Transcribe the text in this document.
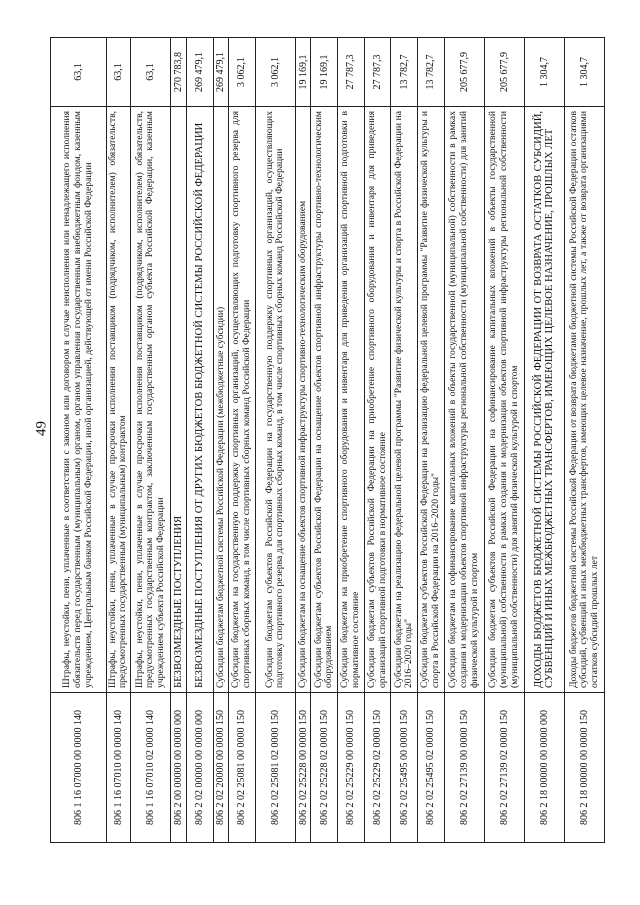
49
806 1 16 07000 00 0000 140	Штрафы, неустойки, пени, уплаченные в соответствии с законом или договором в случае неисполнения или ненадлежащего исполнения обязательств перед государственным (муниципальным) органом, органом управления государственным внебюджетным фондом, казенным учреждением, Центральным банком Российской Федерации, иной организацией, действующей от имени Российской Федерации	63,1
806 1 16 07010 00 0000 140	Штрафы, неустойки, пени, уплаченные в случае просрочки исполнения поставщиком (подрядчиком, исполнителем) обязательств, предусмотренных государственным (муниципальным) контрактом	63,1
806 1 16 07010 02 0000 140	Штрафы, неустойки, пени, уплаченные в случае просрочки исполнения поставщиком (подрядчиком, исполнителем) обязательств, предусмотренных государственным контрактом, заключенным государственным органом субъекта Российской Федерации, казенным учреждением субъекта Российской Федерации	63,1
806 2 00 00000 00 0000 000	БЕЗВОЗМЕЗДНЫЕ ПОСТУПЛЕНИЯ	270 783,8
806 2 02 00000 00 0000 000	БЕЗВОЗМЕЗДНЫЕ ПОСТУПЛЕНИЯ ОТ ДРУГИХ БЮДЖЕТОВ БЮДЖЕТНОЙ СИСТЕМЫ РОССИЙСКОЙ ФЕДЕРАЦИИ	269 479,1
806 2 02 20000 00 0000 150	Субсидии бюджетам бюджетной системы Российской Федерации (межбюджетные субсидии)	269 479,1
806 2 02 25081 00 0000 150	Субсидии бюджетам на государственную поддержку спортивных организаций, осуществляющих подготовку спортивного резерва для спортивных сборных команд, в том числе спортивных сборных команд Российской Федерации	3 062,1
806 2 02 25081 02 0000 150	Субсидии бюджетам субъектов Российской Федерации на государственную поддержку спортивных организаций, осуществляющих подготовку спортивного резерва для спортивных сборных команд, в том числе спортивных сборных команд Российской Федерации	3 062,1
806 2 02 25228 00 0000 150	Субсидии бюджетам на оснащение объектов спортивной инфраструктуры спортивно-технологическим оборудованием	19 169,1
806 2 02 25228 02 0000 150	Субсидии бюджетам субъектов Российской Федерации на оснащение объектов спортивной инфраструктуры спортивно-технологическим оборудованием	19 169,1
806 2 02 25229 00 0000 150	Субсидии бюджетам на приобретение спортивного оборудования и инвентаря для приведения организаций спортивной подготовки в нормативное состояние	27 787,3
806 2 02 25229 02 0000 150	Субсидии бюджетам субъектов Российской Федерации на приобретение спортивного оборудования и инвентаря для приведения организаций спортивной подготовки в нормативное состояние	27 787,3
806 2 02 25495 00 0000 150	Субсидии бюджетам на реализацию федеральной целевой программы "Развитие физической культуры и спорта в Российской Федерации на 2016–2020 годы"	13 782,7
806 2 02 25495 02 0000 150	Субсидии бюджетам субъектов Российской Федерации на реализацию федеральной целевой программы "Развитие физической культуры и спорта в Российской Федерации на 2016–2020 годы"	13 782,7
806 2 02 27139 00 0000 150	Субсидии бюджетам на софинансирование капитальных вложений в объекты государственной (муниципальной) собственности в рамках создания и модернизации объектов спортивной инфраструктуры региональной собственности (муниципальной собственности) для занятий физической культурой и спортом	205 677,9
806 2 02 27139 02 0000 150	Субсидии бюджетам субъектов Российской Федерации на софинансирование капитальных вложений в объекты государственной (муниципальной) собственности в рамках создания и модернизации объектов спортивной инфраструктуры региональной собственности (муниципальной собственности) для занятий физической культурой и спортом	205 677,9
806 2 18 00000 00 0000 000	ДОХОДЫ БЮДЖЕТОВ БЮДЖЕТНОЙ СИСТЕМЫ РОССИЙСКОЙ ФЕДЕРАЦИИ ОТ ВОЗВРАТА ОСТАТКОВ СУБСИДИЙ, СУБВЕНЦИЙ И ИНЫХ МЕЖБЮДЖЕТНЫХ ТРАНСФЕРТОВ, ИМЕЮЩИХ ЦЕЛЕВОЕ НАЗНАЧЕНИЕ, ПРОШЛЫХ ЛЕТ	1 304,7
806 2 18 00000 00 0000 150	Доходы бюджетов бюджетной системы Российской Федерации от возврата бюджетами бюджетной системы Российской Федерации остатков субсидий, субвенций и иных межбюджетных трансфертов, имеющих целевое назначение, прошлых лет, а также от возврата организациями остатков субсидий прошлых лет	1 304,7
